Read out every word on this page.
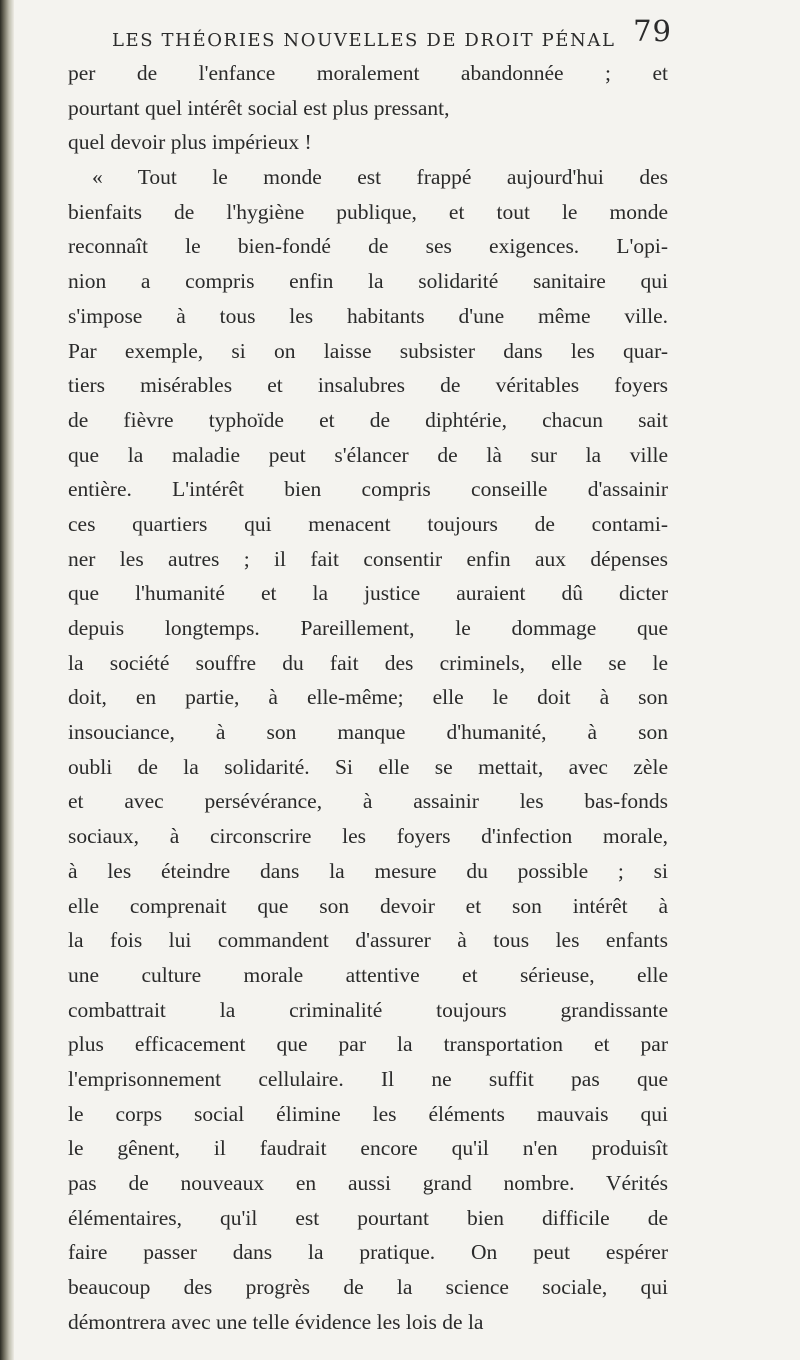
LES THÉORIES NOUVELLES DE DROIT PÉNAL 79
per de l'enfance moralement abandonnée ; et
pourtant quel intérêt social est plus pressant,
quel devoir plus impérieux !
« Tout le monde est frappé aujourd'hui des
bienfaits de l'hygiène publique, et tout le monde
reconnaît le bien-fondé de ses exigences. L'opi-
nion a compris enfin la solidarité sanitaire qui
s'impose à tous les habitants d'une même ville.
Par exemple, si on laisse subsister dans les quar-
tiers misérables et insalubres de véritables foyers
de fièvre typhoïde et de diphtérie, chacun sait
que la maladie peut s'élancer de là sur la ville
entière. L'intérêt bien compris conseille d'assainir
ces quartiers qui menacent toujours de contami-
ner les autres ; il fait consentir enfin aux dépenses
que l'humanité et la justice auraient dû dicter
depuis longtemps. Pareillement, le dommage que
la société souffre du fait des criminels, elle se le
doit, en partie, à elle-même; elle le doit à son
insouciance, à son manque d'humanité, à son
oubli de la solidarité. Si elle se mettait, avec zèle
et avec persévérance, à assainir les bas-fonds
sociaux, à circonscrire les foyers d'infection morale,
à les éteindre dans la mesure du possible ; si
elle comprenait que son devoir et son intérêt à
la fois lui commandent d'assurer à tous les enfants
une culture morale attentive et sérieuse, elle
combattrait la criminalité toujours grandissante
plus efficacement que par la transportation et par
l'emprisonnement cellulaire. Il ne suffit pas que
le corps social élimine les éléments mauvais qui
le gênent, il faudrait encore qu'il n'en produisît
pas de nouveaux en aussi grand nombre. Vérités
élémentaires, qu'il est pourtant bien difficile de
faire passer dans la pratique. On peut espérer
beaucoup des progrès de la science sociale, qui
démontrera avec une telle évidence les lois de la
